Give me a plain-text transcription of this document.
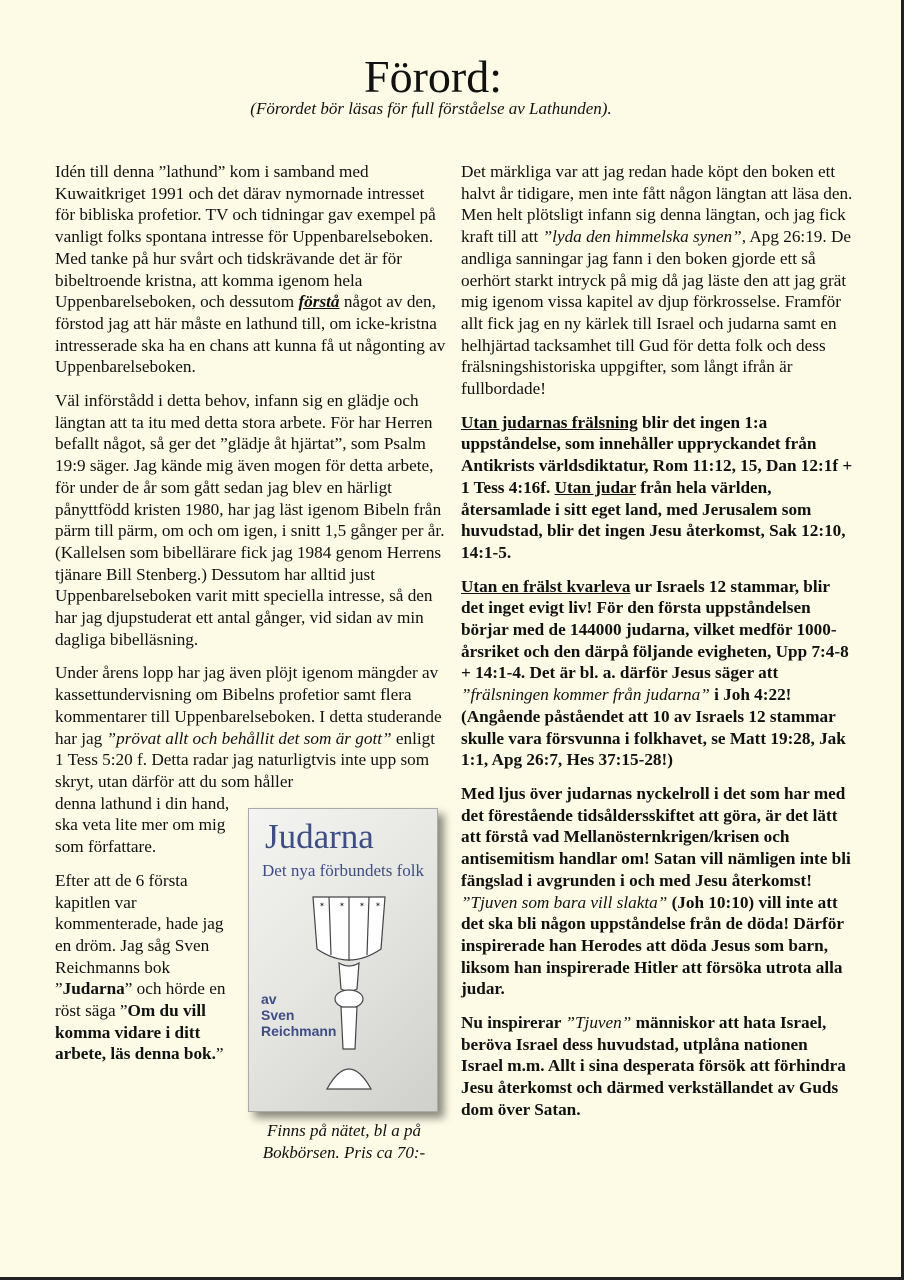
Förord:
(Förordet bör läsas för full förståelse av Lathunden).

Idén till denna ”lathund” kom i samband med Kuwaitkriget 1991 och det därav nymornade intresset för bibliska profetior. TV och tidningar gav exempel på vanligt folks spontana intresse för Uppenbarelseboken. Med tanke på hur svårt och tidskrävande det är för bibeltroende kristna, att komma igenom hela Uppenbarelseboken, och dessutom förstå något av den, förstod jag att här måste en lathund till, om icke-kristna intresserade ska ha en chans att kunna få ut någonting av Uppenbarelseboken.

Väl införstådd i detta behov, infann sig en glädje och längtan att ta itu med detta stora arbete. För har Herren befallt något, så ger det ”glädje åt hjärtat”, som Psalm 19:9 säger. Jag kände mig även mogen för detta arbete, för under de år som gått sedan jag blev en härligt pånyttfödd kristen 1980, har jag läst igenom Bibeln från pärm till pärm, om och om igen, i snitt 1,5 gånger per år. (Kallelsen som bibellärare fick jag 1984 genom Herrens tjänare Bill Stenberg.) Dessutom har alltid just Uppenbarelseboken varit mitt speciella intresse, så den har jag djupstuderat ett antal gånger, vid sidan av min dagliga bibelläsning.

Under årens lopp har jag även plöjt igenom mängder av kassettundervisning om Bibelns profetior samt flera kommentarer till Uppenbarelseboken. I detta studerande har jag ”prövat allt och behållit det som är gott” enligt 1 Tess 5:20 f. Detta radar jag naturligtvis inte upp som skryt, utan därför att du som håller

denna lathund i din hand, ska veta lite mer om mig som författare.

Efter att de 6 första kapitlen var kommenterade, hade jag en dröm. Jag såg Sven Reichmanns bok ”Judarna” och hörde en röst säga ”Om du vill komma vidare i ditt arbete, läs denna bok.”

Judarna
Det nya förbundets folk
✶ ✶ ✶ ✶
av
Sven
Reichmann
Finns på nätet, bl a på Bokbörsen. Pris ca 70:-

Det märkliga var att jag redan hade köpt den boken ett halvt år tidigare, men inte fått någon längtan att läsa den. Men helt plötsligt infann sig denna längtan, och jag fick kraft till att ”lyda den himmelska synen”, Apg 26:19. De andliga sanningar jag fann i den boken gjorde ett så oerhört starkt intryck på mig då jag läste den att jag grät mig igenom vissa kapitel av djup förkrosselse. Framför allt fick jag en ny kärlek till Israel och judarna samt en helhjärtad tacksamhet till Gud för detta folk och dess frälsningshistoriska uppgifter, som långt ifrån är fullbordade!

Utan judarnas frälsning blir det ingen 1:a uppståndelse, som innehåller uppryckandet från Antikrists världsdiktatur, Rom 11:12, 15, Dan 12:1f + 1 Tess 4:16f. Utan judar från hela världen, återsamlade i sitt eget land, med Jerusalem som huvudstad, blir det ingen Jesu återkomst, Sak 12:10, 14:1-5.

Utan en frälst kvarleva ur Israels 12 stammar, blir det inget evigt liv! För den första uppståndelsen börjar med de 144000 judarna, vilket medför 1000-årsriket och den därpå följande evigheten, Upp 7:4-8 + 14:1-4. Det är bl. a. därför Jesus säger att ”frälsningen kommer från judarna” i Joh 4:22! (Angående påståendet att 10 av Israels 12 stammar skulle vara försvunna i folkhavet, se Matt 19:28, Jak 1:1, Apg 26:7, Hes 37:15-28!)

Med ljus över judarnas nyckelroll i det som har med det förestående tidsåldersskiftet att göra, är det lätt att förstå vad Mellanösternkrigen/krisen och antisemitism handlar om! Satan vill nämligen inte bli fängslad i avgrunden i och med Jesu återkomst! ”Tjuven som bara vill slakta” (Joh 10:10) vill inte att det ska bli någon uppståndelse från de döda! Därför inspirerade han Herodes att döda Jesus som barn, liksom han inspirerade Hitler att försöka utrota alla judar.

Nu inspirerar ”Tjuven” människor att hata Israel, beröva Israel dess huvudstad, utplåna nationen Israel m.m. Allt i sina desperata försök att förhindra Jesu återkomst och därmed verkställandet av Guds dom över Satan.
